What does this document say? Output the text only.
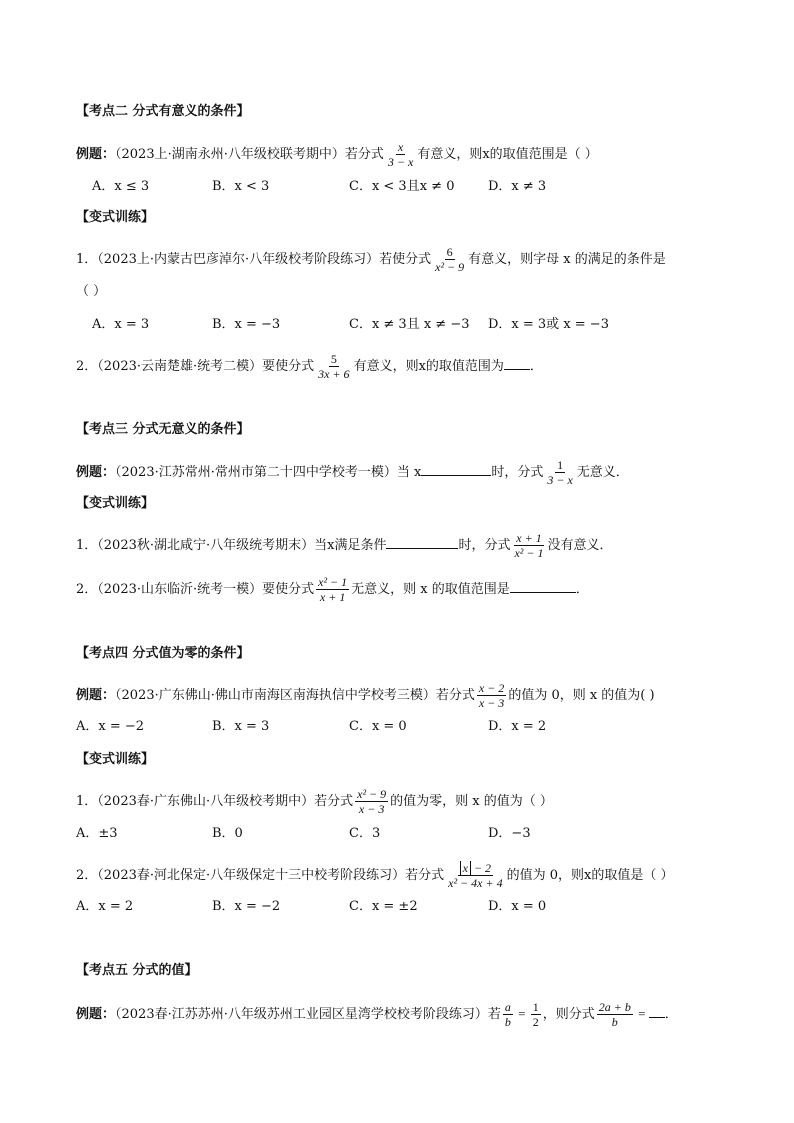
【考点二 分式有意义的条件】
例题：（2023上·湖南永州·八年级校联考期中）若分式 $\frac{x}{3 - x}$ 有意义，则x的取值范围是（ ）
A．x ≤ 3	B．x < 3	C．x < 3且x ≠ 0	D．x ≠ 3
【变式训练】
1．（2023上·内蒙古巴彦淖尔·八年级校考阶段练习）若使分式 $\frac{6}{\text{x² − 9}}$ 有意义，则字母 x 的满足的条件是
（ ）
A．x = 3	B．x = −3	C．x ≠ 3且 x ≠ −3 D．x = 3或 x = −3
2．（2023·云南楚雄·统考二模）要使分式 $\frac{5}{3x + 6}$ 有意义，则x的取值范围为 ．
【考点三 分式无意义的条件】
例题：（2023·江苏常州·常州市第二十四中学校考一模）当 x	时，分式 $\frac{1}{3 - x}$ 无意义．
【变式训练】
1．（2023秋·湖北咸宁·八年级统考期末）当x满足条件	时，分式 $\frac{x + 1}{\text{x² − 1}}$ 没有意义．
2．（2023·山东临沂·统考一模）要使分式 $\frac{\text{x² − 1}}{x + 1}$ 无意义，则 x 的取值范围是	．
【考点四 分式值为零的条件】
例题：（2023·广东佛山·佛山市南海区南海执信中学校考三模）若分式 $\frac{x - 2}{x - 3}$ 的值为 0，则 x 的值为( )
A．x = −2	B．x = 3	C．x = 0	D．x = 2
【变式训练】
1．（2023春·广东佛山·八年级校考期中）若分式 $\frac{\text{x² − 9}}{x - 3}$ 的值为零，则 x 的值为（ ）
A．±3	B．0	C．3	D．−3
2．（2023春·河北保定·八年级保定十三中校考阶段练习）若分式 $\frac{x - 2}{\text{x² − 4x + 4}}$ 的值为 0，则x的取值是（ ）
A．x = 2	B．x = −2	C．x = ±2	D．x = 0
【考点五 分式的值】
例题：（2023春·江苏苏州·八年级苏州工业园区星湾学校校考阶段练习）若 $\frac{a}{b} = \frac{1}{2}$ ，则分式 $\frac{2a + b}{b}$ = ．
